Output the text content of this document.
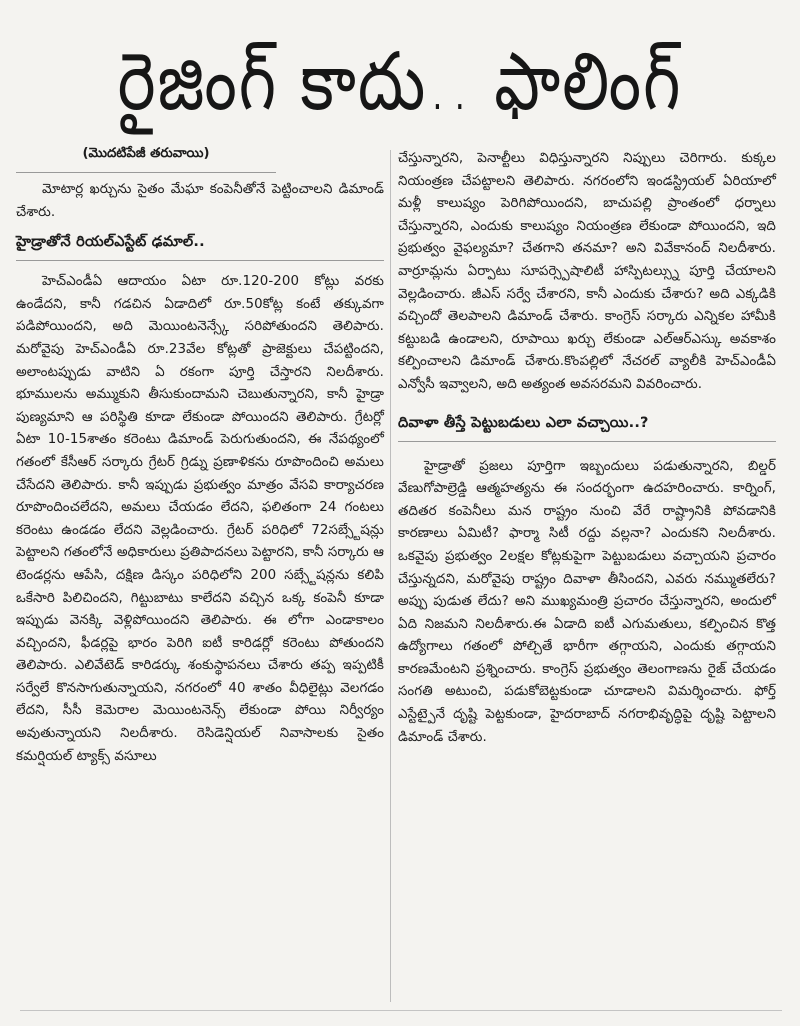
రైజింగ్ కాదు.. ఫాలింగ్
(మొదటిపేజీ తరువాయి)

మోటార్ల ఖర్చును సైతం మేఘా కంపెనీతోనే పెట్టించాలని డిమాండ్ చేశారు.

హైడ్రాతోనే రియల్ఎస్టేట్ ఢమాల్..

హెచ్ఎండీఏ ఆదాయం ఏటా రూ.120-200 కోట్లు వరకు ఉండేదని, కానీ గడచిన ఏడాదిలో రూ.50కోట్ల కంటే తక్కువగా పడిపోయిందని, అది మెయింటనెన్స్కే సరిపోతుందని తెలిపారు. మరోవైపు హెచ్ఎండీఏ రూ.23వేల కోట్లతో ప్రాజెక్టులు చేపట్టిందని, అలాంటప్పుడు వాటిని ఏ రకంగా పూర్తి చేస్తారని నిలదీశారు. భూములను అమ్ముకుని తీసుకుందామని చెబుతున్నారని, కానీ హైడ్రా పుణ్యమాని ఆ పరిస్థితి కూడా లేకుండా పోయిందని తెలిపారు. గ్రేటర్లో ఏటా 10-15శాతం కరెంటు డిమాండ్ పెరుగుతుందని, ఈ నేపథ్యంలో గతంలో కేసీఆర్ సర్కారు గ్రేటర్ గ్రిడ్ను ప్రణాళికను రూపొందించి అమలు చేసేదని తెలిపారు. కానీ ఇప్పుడు ప్రభుత్వం మాత్రం వేసవి కార్యాచరణ రూపొందించలేదని, అమలు చేయడం లేదని, ఫలితంగా 24 గంటలు కరెంటు ఉండడం లేదని వెల్లడించారు. గ్రేటర్ పరిధిలో 72సబ్స్టేషన్లు పెట్టాలని గతంలోనే అధికారులు ప్రతిపాదనలు పెట్టారని, కానీ సర్కారు ఆ టెండర్లను ఆపేసి, దక్షిణ డిస్కం పరిధిలోని 200 సబ్స్టేషన్లను కలిపి ఒకేసారి పిలిచిందని, గిట్టుబాటు కాలేదని వచ్చిన ఒక్క కంపెనీ కూడా ఇప్పుడు వెనక్కి వెళ్లిపోయిందని తెలిపారు. ఈ లోగా ఎండాకాలం వచ్చిందని, ఫీడర్లపై భారం పెరిగి ఐటీ కారిడర్లో కరెంటు పోతుందని తెలిపారు. ఎలివేటెడ్ కారిడర్కు శంకుస్థాపనలు చేశారు తప్ప ఇప్పటికీ సర్వేలే కొనసాగుతున్నాయని, నగరంలో 40 శాతం వీధిలైట్లు వెలగడం లేదని, సీసీ కెమెరాల మెయింటనెన్స్ లేకుండా పోయి నిర్వీర్యం అవుతున్నాయని నిలదీశారు. రెసిడెన్షియల్ నివాసాలకు సైతం కమర్షియల్ ట్యాక్స్ వసూలు

చేస్తున్నారని, పెనాల్టీలు విధిస్తున్నారని నిప్పులు చెరిగారు. కుక్కల నియంత్రణ చేపట్టాలని తెలిపారు. నగరంలోని ఇండస్ట్రియల్ ఏరియాలో మళ్లీ కాలుష్యం పెరిగిపోయిందని, బాచుపల్లి ప్రాంతంలో ధర్నాలు చేస్తున్నారని, ఎందుకు కాలుష్యం నియంత్రణ లేకుండా పోయిందని, ఇది ప్రభుత్వం వైఫల్యమా? చేతగాని తనమా? అని వివేకానంద్ నిలదీశారు. వార్రూమ్లను ఏర్పాటు సూపర్స్పెషాలిటీ హాస్పిటల్స్ను పూర్తి చేయాలని వెల్లడించారు. జీఎస్ సర్వే చేశారని, కానీ ఎందుకు చేశారు? అది ఎక్కడికి వచ్చిందో తెలపాలని డిమాండ్ చేశారు. కాంగ్రెస్ సర్కారు ఎన్నికల హామీకి కట్టుబడి ఉండాలని, రూపాయి ఖర్చు లేకుండా ఎల్ఆర్ఎస్కు అవకాశం కల్పించాలని డిమాండ్ చేశారు.కొంపల్లిలో నేచరల్ వ్యాలీకి హెచ్ఎండీఏ ఎన్వోసీ ఇవ్వాలని, అది అత్యంత అవసరమని వివరించారు.

దివాళా తీస్తే పెట్టుబడులు ఎలా వచ్చాయి..?

హైడ్రాతో ప్రజలు పూర్తిగా ఇబ్బందులు పడుతున్నారని, బిల్డర్ వేణుగోపాల్రెడ్డి ఆత్మహత్యను ఈ సందర్భంగా ఉదహరించారు. కార్నింగ్, తదితర కంపెనీలు మన రాష్ట్రం నుంచి వేరే రాష్ట్రానికి పోవడానికి కారణాలు ఏమిటీ? ఫార్మా సిటీ రద్దు వల్లనా? ఎందుకని నిలదీశారు. ఒకవైపు ప్రభుత్వం 2లక్షల కోట్లకుపైగా పెట్టుబడులు వచ్చాయని ప్రచారం చేస్తున్నదని, మరోవైపు రాష్ట్రం దివాళా తీసిందని, ఎవరు నమ్ముతలేరు? అప్పు పుడుత లేదు? అని ముఖ్యమంత్రి ప్రచారం చేస్తున్నారని, అందులో ఏది నిజమని నిలదీశారు.ఈ ఏడాది ఐటీ ఎగుమతులు, కల్పించిన కొత్త ఉద్యోగాలు గతంలో పోల్చితే భారీగా తగ్గాయని, ఎందుకు తగ్గాయని కారణమేంటని ప్రశ్నించారు. కాంగ్రెస్ ప్రభుత్వం తెలంగాణను రైజ్ చేయడం సంగతి అటుంచి, పడుకోబెట్టకుండా చూడాలని విమర్శించారు. ఫోర్త్ ఎస్టేట్పైనే దృష్టి పెట్టకుండా, హైదరాబాద్ నగరాభివృద్ధిపై దృష్టి పెట్టాలని డిమాండ్ చేశారు.
